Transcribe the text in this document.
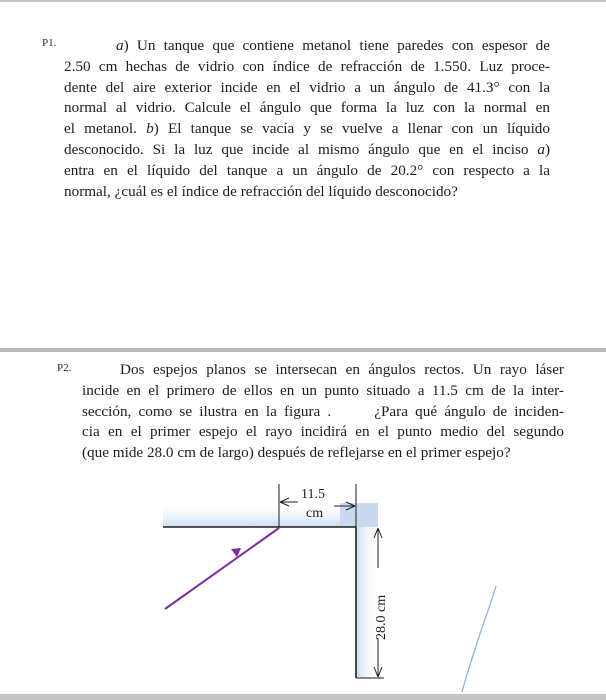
P1.	a) Un tanque que contiene metanol tiene paredes con espesor de
2.50 cm hechas de vidrio con índice de refracción de 1.550. Luz proce-
dente del aire exterior incide en el vidrio a un ángulo de 41.3° con la
normal al vidrio. Calcule el ángulo que forma la luz con la normal en
el metanol. b) El tanque se vacía y se vuelve a llenar con un líquido
desconocido. Si la luz que incide al mismo ángulo que en el inciso a)
entra en el líquido del tanque a un ángulo de 20.2° con respecto a la
normal, ¿cuál es el índice de refracción del líquido desconocido?
P2.	Dos espejos planos se intersecan en ángulos rectos. Un rayo láser
incide en el primero de ellos en un punto situado a 11.5 cm de la inter-
sección, como se ilustra en la figura .      ¿Para qué ángulo de inciden-
cia en el primer espejo el rayo incidirá en el punto medio del segundo
(que mide 28.0 cm de largo) después de reflejarse en el primer espejo?
11.5
cm
28.0 cm
